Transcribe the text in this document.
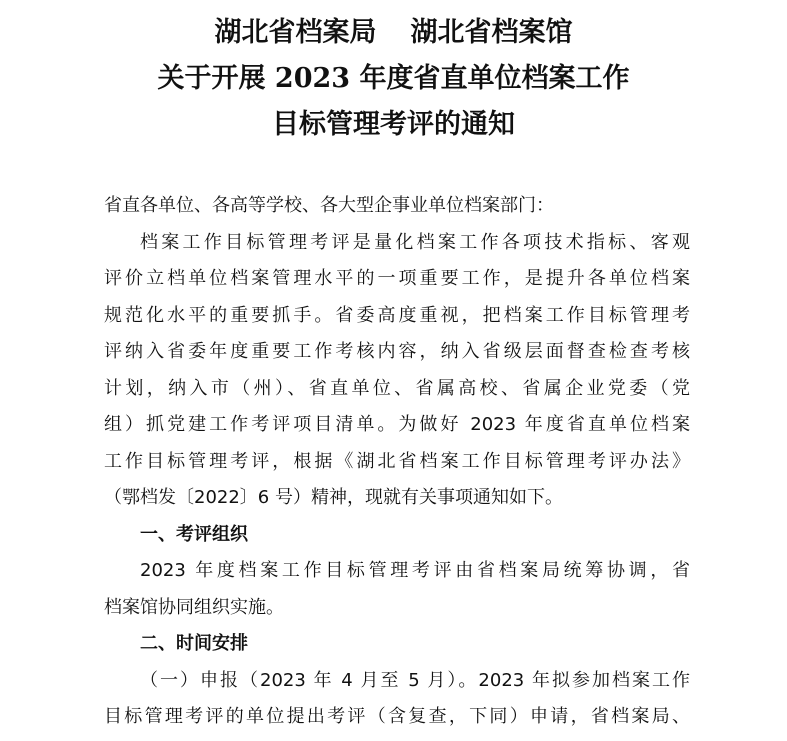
湖北省档案局 湖北省档案馆
关于开展 2023 年度省直单位档案工作
目标管理考评的通知
省直各单位、各高等学校、各大型企事业单位档案部门：
档案工作目标管理考评是量化档案工作各项技术指标、客观
评价立档单位档案管理水平的一项重要工作，是提升各单位档案
规范化水平的重要抓手。省委高度重视，把档案工作目标管理考
评纳入省委年度重要工作考核内容，纳入省级层面督查检查考核
计划，纳入市（州）、省直单位、省属高校、省属企业党委（党
组）抓党建工作考评项目清单。为做好 2023 年度省直单位档案
工作目标管理考评，根据《湖北省档案工作目标管理考评办法》
（鄂档发〔2022〕6 号）精神，现就有关事项通知如下。
一、考评组织
2023 年度档案工作目标管理考评由省档案局统筹协调，省
档案馆协同组织实施。
二、时间安排
（一）申报（2023 年 4 月至 5 月）。2023 年拟参加档案工作
目标管理考评的单位提出考评（含复查，下同）申请，省档案局、
